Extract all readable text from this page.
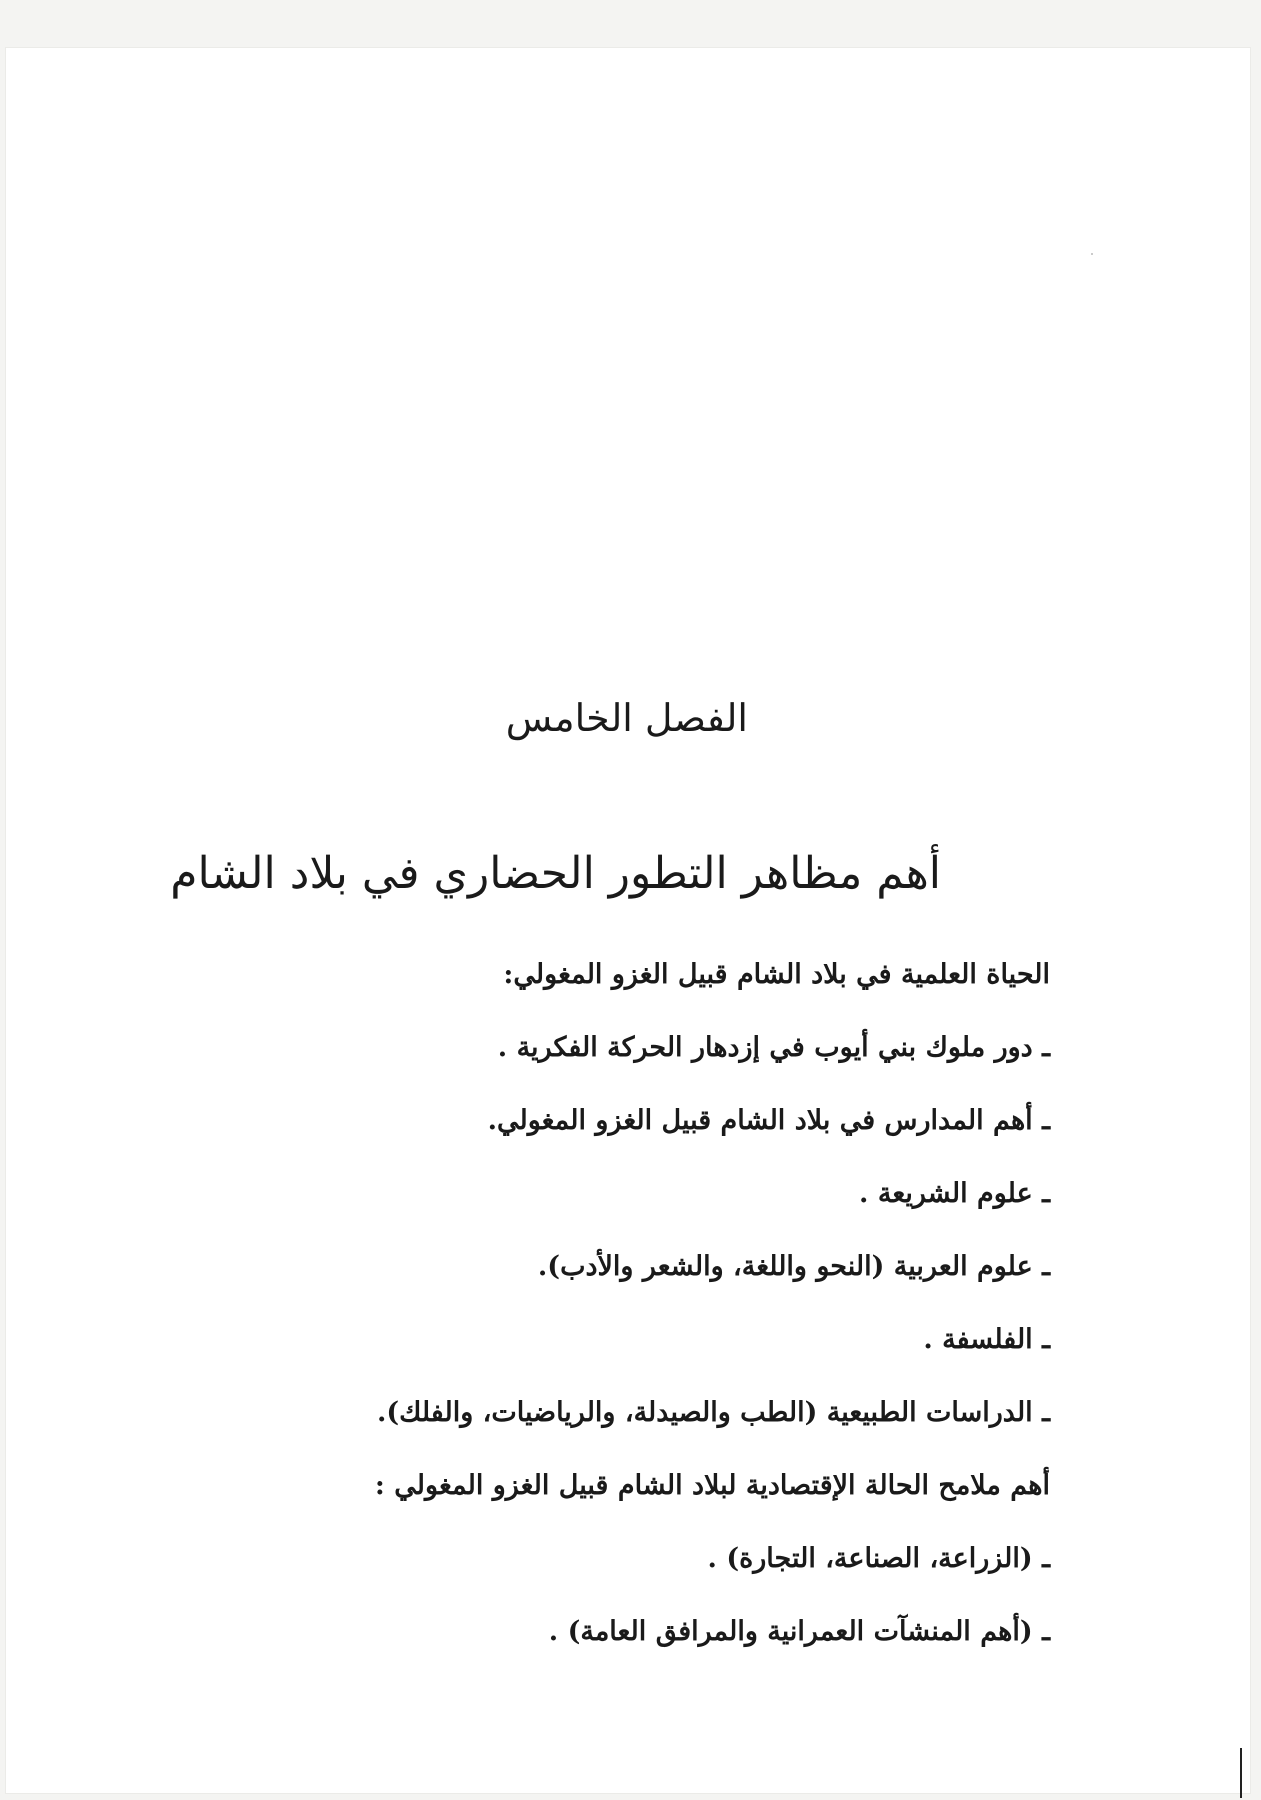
الفصل الخامس
أهم مظاهر التطور الحضاري في بلاد الشام
الحياة العلمية في بلاد الشام قبيل الغزو المغولي:
ـ دور ملوك بني أيوب في إزدهار الحركة الفكرية .
ـ أهم المدارس في بلاد الشام قبيل الغزو المغولي.
ـ علوم الشريعة .
ـ علوم العربية (النحو واللغة، والشعر والأدب).
ـ الفلسفة .
ـ الدراسات الطبيعية (الطب والصيدلة، والرياضيات، والفلك).
أهم ملامح الحالة الإقتصادية لبلاد الشام قبيل الغزو المغولي :
ـ (الزراعة، الصناعة، التجارة) .
ـ (أهم المنشآت العمرانية والمرافق العامة) .
